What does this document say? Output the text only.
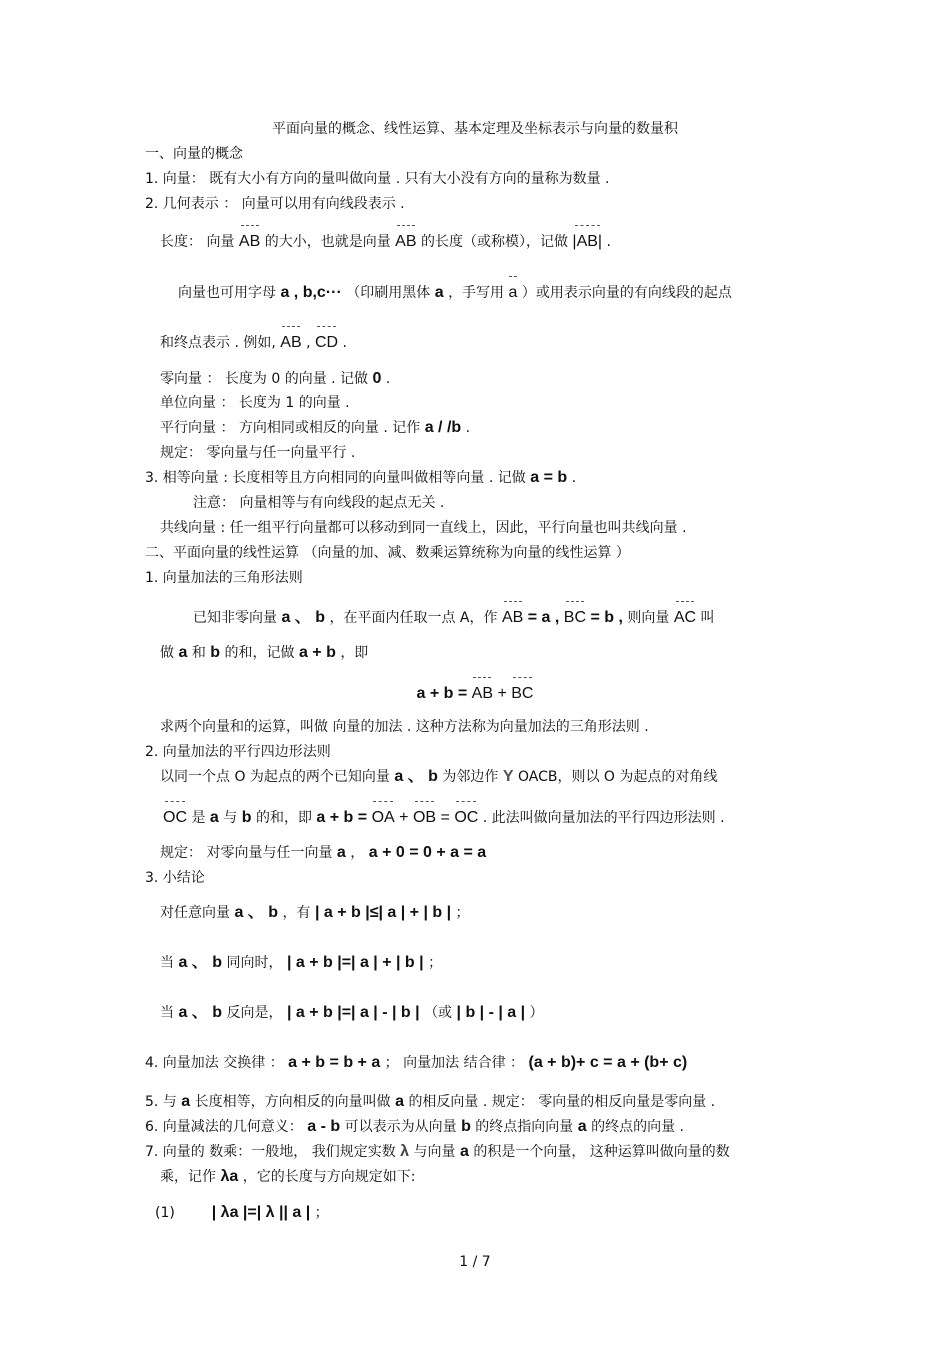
平面向量的概念、线性运算、基本定理及坐标表示与向量的数量积
一、向量的概念
1. 向量： 既有大小有方向的量叫做向量 . 只有大小没有方向的量称为数量 .
2. 几何表示 ： 向量可以用有向线段表示 .
长度： 向量 AB 的大小，也就是向量 AB 的长度（或称模），记做 |AB| .
向量也可用字母 a , b,c··· （印刷用黑体 a ，手写用 a ）或用表示向量的有向线段的起点
和终点表示 . 例如, AB , CD .
零向量 ： 长度为 0 的向量 . 记做 0 .
单位向量 ： 长度为 1 的向量 .
平行向量 ： 方向相同或相反的向量 . 记作 a / /b .
规定： 零向量与任一向量平行 .
3. 相等向量 : 长度相等且方向相同的向量叫做相等向量 . 记做 a = b .
注意： 向量相等与有向线段的起点无关 .
共线向量 : 任一组平行向量都可以移动到同一直线上，因此，平行向量也叫共线向量 .
二、平面向量的线性运算 （向量的加、减、数乘运算统称为向量的线性运算 ）
1. 向量加法的三角形法则
已知非零向量 a 、 b ，在平面内任取一点 A，作 AB = a , BC = b , 则向量 AC 叫
做 a 和 b 的和，记做 a + b ，即
a + b = AB + BC
求两个向量和的运算，叫做 向量的加法 . 这种方法称为向量加法的三角形法则 .
2. 向量加法的平行四边形法则
以同一个点 O 为起点的两个已知向量 a 、 b 为邻边作 Y OACB，则以 O 为起点的对角线
OC 是 a 与 b 的和，即 a + b = OA + OB = OC . 此法叫做向量加法的平行四边形法则 .
规定： 对零向量与任一向量 a ， a + 0 = 0 + a = a
3. 小结论
对任意向量 a 、 b ，有 | a + b |≤| a | + | b | ；
当 a 、 b 同向时， | a + b |=| a | + | b | ；
当 a 、 b 反向是， | a + b |=| a | - | b | （或 | b | - | a | ）
4. 向量加法 交换律 ： a + b = b + a ； 向量加法 结合律 ： (a + b)+ c = a + (b+ c)
5. 与 a 长度相等，方向相反的向量叫做 a 的相反向量 . 规定： 零向量的相反向量是零向量 .
6. 向量减法的几何意义： a - b 可以表示为从向量 b 的终点指向向量 a 的终点的向量 .
7. 向量的 数乘：一般地， 我们规定实数 λ 与向量 a 的积是一个向量， 这种运算叫做向量的数
乘，记作 λa ，它的长度与方向规定如下:
(1) | λa |=| λ || a | ；
1 / 7
